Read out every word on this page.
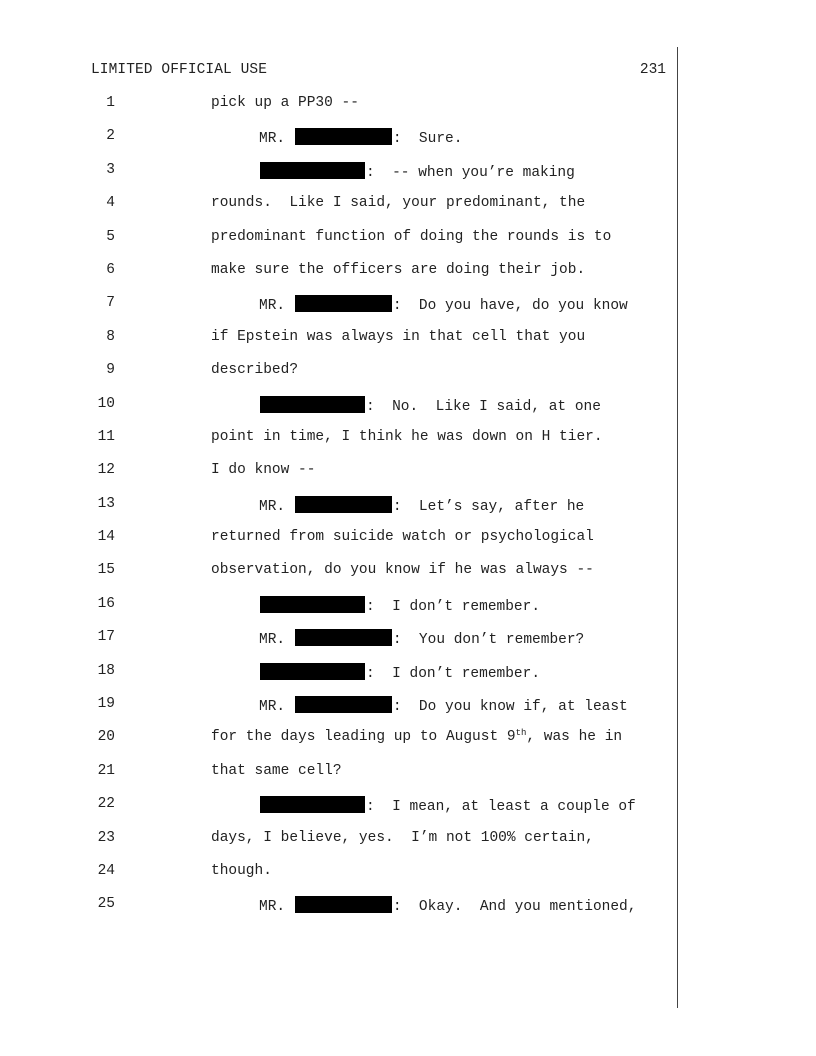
LIMITED OFFICIAL USE	231

1

	pick up a PP30 --

2

	MR.	:  Sure.

3

	:  -- when you’re making

4

	rounds.  Like I said, your predominant, the

5

	predominant function of doing the rounds is to

6

	make sure the officers are doing their job.

7

	MR.	:  Do you have, do you know

8

	if Epstein was always in that cell that you

9

	described?

10

	:  No.  Like I said, at one

11

	point in time, I think he was down on H tier.

12

	I do know --

13

	MR.	:  Let’s say, after he

14

	returned from suicide watch or psychological

15

	observation, do you know if he was always --

16

	:  I don’t remember.

17

	MR.	:  You don’t remember?

18

	:  I don’t remember.

19

	MR.	:  Do you know if, at least

20

	for the days leading up to August 9th, was he in

21

	that same cell?

22

	:  I mean, at least a couple of

23

	days, I believe, yes.  I’m not 100% certain,

24

	though.

25

	MR.	:  Okay.  And you mentioned,
